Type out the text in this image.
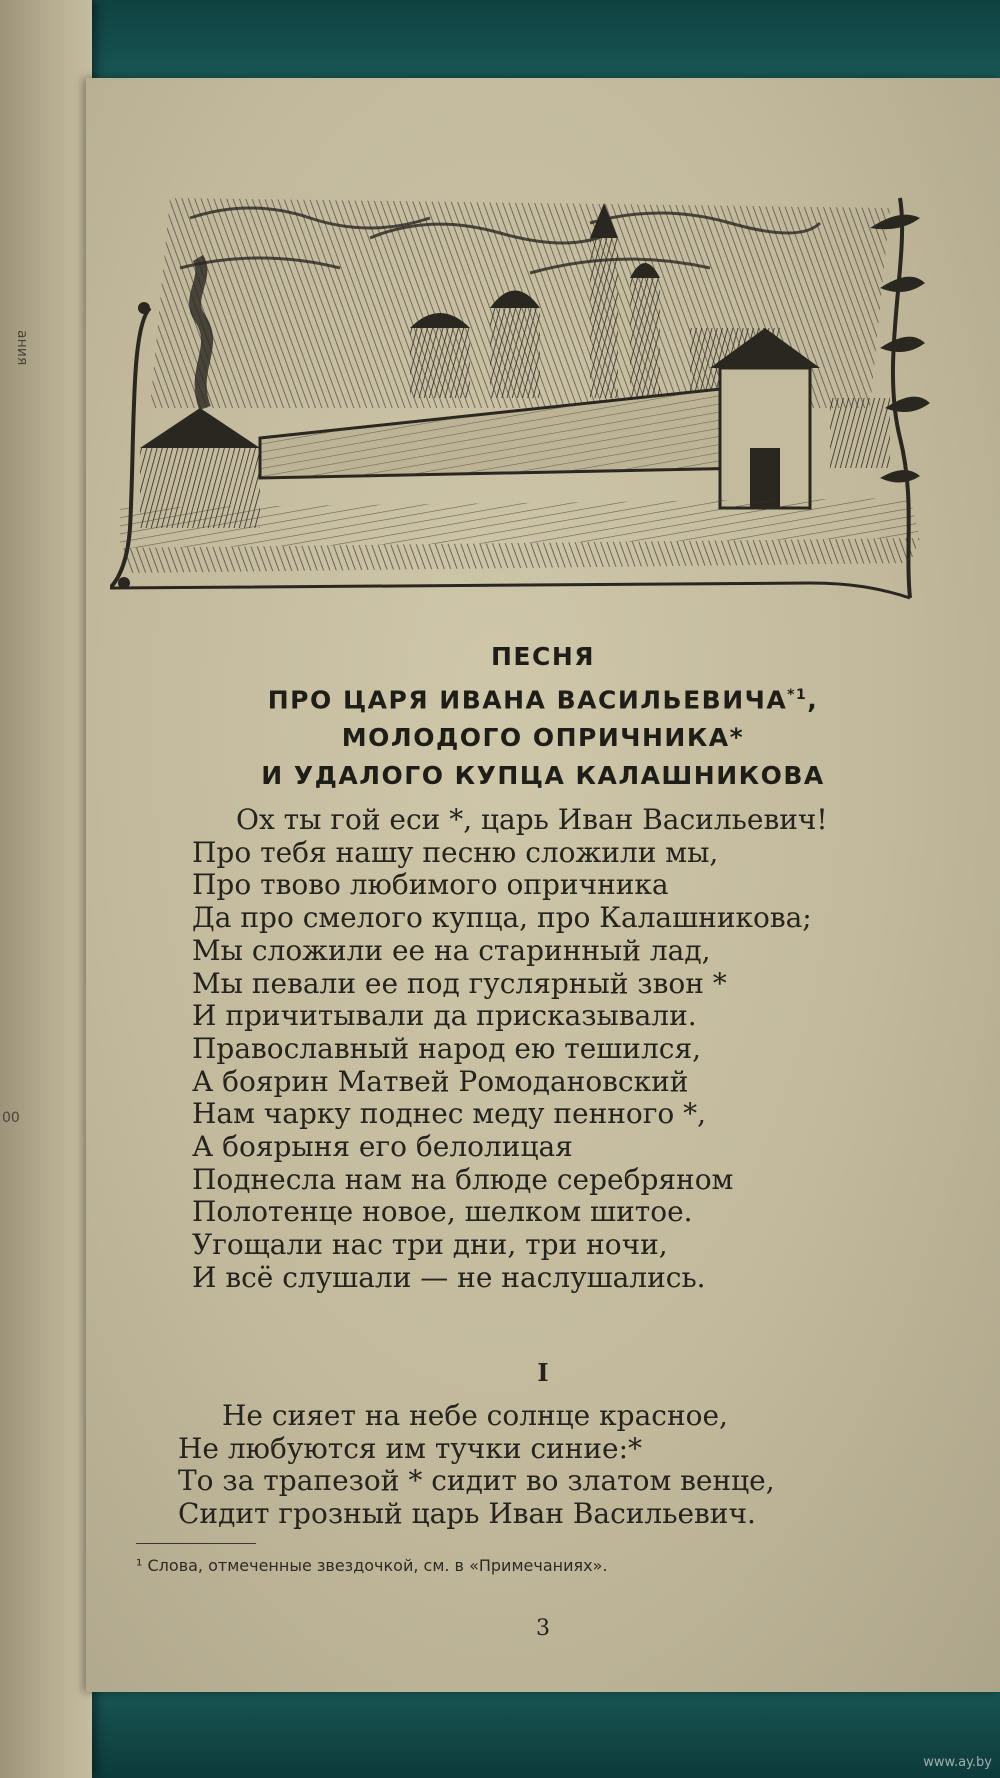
ания
00
ПЕСНЯ
ПРО ЦАРЯ ИВАНА ВАСИЛЬЕВИЧА$^{*1}$,
МОЛОДОГО ОПРИЧНИКА*
И УДАЛОГО КУПЦА КАЛАШНИКОВА
Ох ты гой еси *, царь Иван Васильевич!
Про тебя нашу песню сложили мы,
Про твово любимого опричника
Да про смелого купца, про Калашникова;
Мы сложили ее на старинный лад,
Мы певали ее под гуслярный звон *
И причитывали да присказывали.
Православный народ ею тешился,
А боярин Матвей Ромодановский
Нам чарку поднес меду пенного *,
А боярыня его белолицая
Поднесла нам на блюде серебряном
Полотенце новое, шелком шитое.
Угощали нас три дни, три ночи,
И всё слушали — не наслушались.
I
Не сияет на небе солнце красное,
Не любуются им тучки синие:*
То за трапезой * сидит во златом венце,
Сидит грозный царь Иван Васильевич.
¹ Слова, отмеченные звездочкой, см. в «Примечаниях».
3
www.ay.by
